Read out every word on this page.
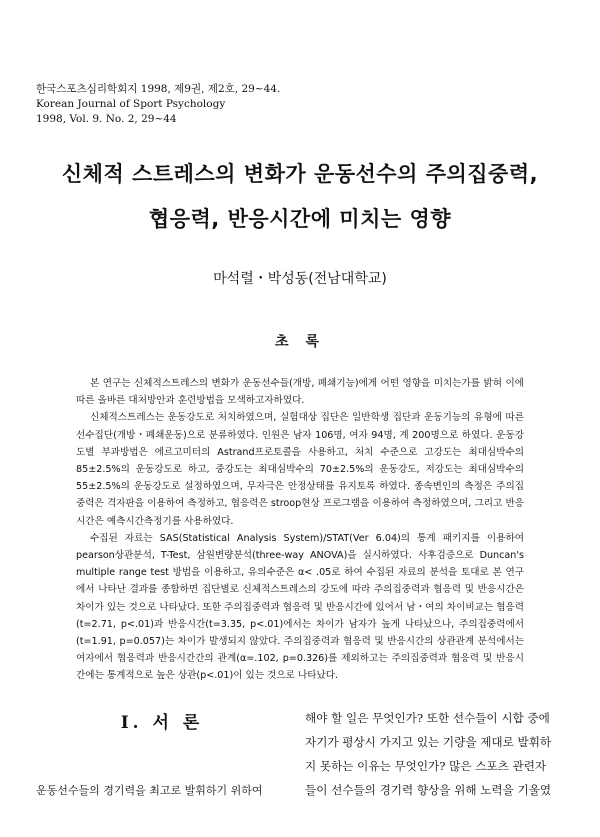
한국스포츠심리학회지 1998, 제9권, 제2호, 29~44.
Korean Journal of Sport Psychology
1998, Vol. 9. No. 2, 29~44
신체적 스트레스의 변화가 운동선수의 주의집중력,
협응력, 반응시간에 미치는 영향
마석렬・박성동(전남대학교)
초 록

본 연구는 신체적스트레스의 변화가 운동선수들(개방, 폐쇄기능)에게 어떤 영향을 미치는가를 밝혀 이에 따른 올바른 대처방안과 훈련방법을 모색하고자하였다.

신체적스트레스는 운동강도로 처치하였으며, 실험대상 집단은 일반학생 집단과 운동기능의 유형에 따른 선수집단(개방・폐쇄운동)으로 분류하였다. 인원은 남자 106명, 여자 94명, 계 200명으로 하였다. 운동강도별 부과방법은 에르고미터의 Astrand프로토콜을 사용하고, 처치 수준으로 고강도는 최대심박수의 85±2.5%의 운동강도로 하고, 중강도는 최대심박수의 70±2.5%의 운동강도, 저강도는 최대심박수의 55±2.5%의 운동강도로 설정하였으며, 무자극은 안정상태를 유지토록 하였다. 종속변인의 측정은 주의집중력은 격자판을 이용하여 측정하고, 협응력은 stroop현상 프로그램을 이용하여 측정하였으며, 그리고 반응시간은 예측시간측정기를 사용하였다.

수집된 자료는 SAS(Statistical Analysis System)/STAT(Ver 6.04)의 통계 패키지를 이용하여 pearson상관분석, T-Test, 삼원변량분석(three-way ANOVA)을 실시하였다. 사후검증으로 Duncan's multiple range test 방법을 이용하고, 유의수준은 α< .05로 하여 수집된 자료의 분석을 토대로 본 연구에서 나타난 결과를 종합하면 집단별로 신체적스트레스의 강도에 따라 주의집중력과 협응력 및 반응시간은 차이가 있는 것으로 나타났다. 또한 주의집중력과 협응력 및 반응시간에 있어서 남・여의 차이비교는 협응력(t=2.71, p<.01)과 반응시간(t=3.35, p<.01)에서는 차이가 남자가 높게 나타났으나, 주의집중력에서(t=1.91, p=0.057)는 차이가 발생되지 않았다. 주의집중력과 협응력 및 반응시간의 상관관계 분석에서는 여자에서 협응력과 반응시간간의 관계(α=.102, p=0.326)를 제외하고는 주의집중력과 협응력 및 반응시간에는 통계적으로 높은 상관(p<.01)이 있는 것으로 나타났다.

I. 서 론
운동선수들의 경기력을 최고로 발휘하기 위하여
해야 할 일은 무엇인가? 또한 선수들이 시합 중에
자기가 평상시 가지고 있는 기량을 제대로 발휘하
지 못하는 이유는 무엇인가? 많은 스포츠 관련자
들이 선수들의 경기력 향상을 위해 노력을 기울였
